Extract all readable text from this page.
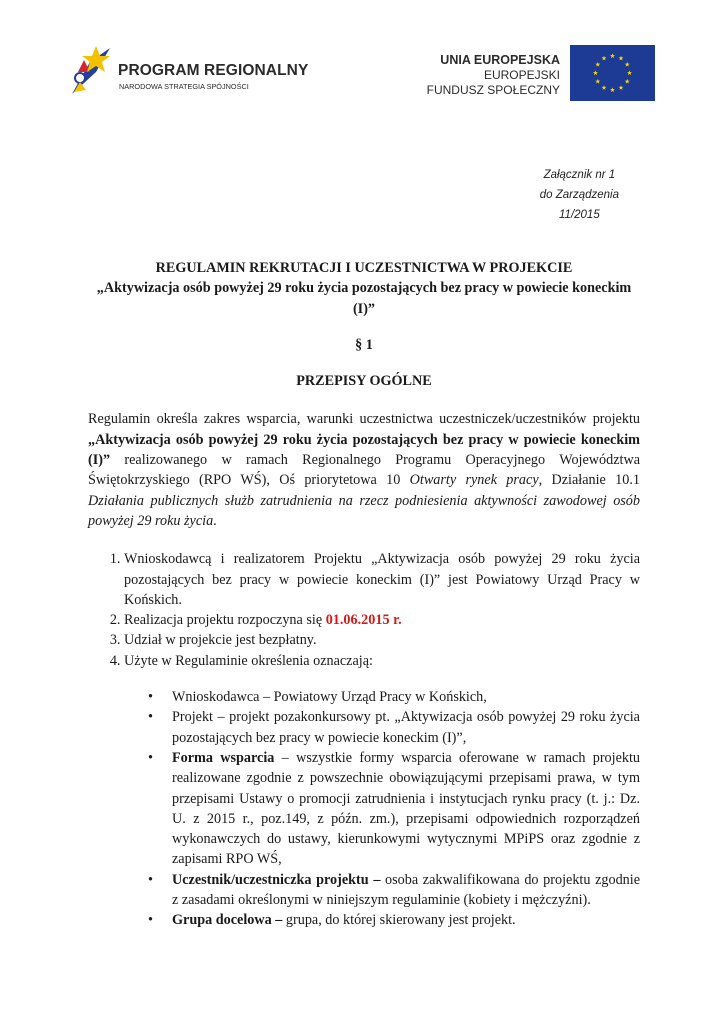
PROGRAM REGIONALNY
NARODOWA STRATEGIA SPÓJNOŚCI
UNIA EUROPEJSKA
EUROPEJSKI
FUNDUSZ SPOŁECZNY
Załącznik nr 1
do Zarządzenia
11/2015
REGULAMIN REKRUTACJI I UCZESTNICTWA W PROJEKCIE
„Aktywizacja osób powyżej 29 roku życia pozostających bez pracy w powiecie koneckim (I)”
§ 1
PRZEPISY OGÓLNE
Regulamin określa zakres wsparcia, warunki uczestnictwa uczestniczek/uczestników projektu „Aktywizacja osób powyżej 29 roku życia pozostających bez pracy w powiecie koneckim (I)” realizowanego w ramach Regionalnego Programu Operacyjnego Województwa Świętokrzyskiego (RPO WŚ), Oś priorytetowa 10 Otwarty rynek pracy, Działanie 10.1 Działania publicznych służb zatrudnienia na rzecz podniesienia aktywności zawodowej osób powyżej 29 roku życia.
1. Wnioskodawcą i realizatorem Projektu „Aktywizacja osób powyżej 29 roku życia pozostających bez pracy w powiecie koneckim (I)” jest Powiatowy Urząd Pracy w Końskich.
2. Realizacja projektu rozpoczyna się 01.06.2015 r.
3. Udział w projekcie jest bezpłatny.
4. Użyte w Regulaminie określenia oznaczają:
• Wnioskodawca – Powiatowy Urząd Pracy w Końskich,
• Projekt – projekt pozakonkursowy pt. „Aktywizacja osób powyżej 29 roku życia pozostających bez pracy w powiecie koneckim (I)”,
• Forma wsparcia – wszystkie formy wsparcia oferowane w ramach projektu realizowane zgodnie z powszechnie obowiązującymi przepisami prawa, w tym przepisami Ustawy o promocji zatrudnienia i instytucjach rynku pracy (t. j.: Dz. U. z 2015 r., poz.149, z późn. zm.), przepisami odpowiednich rozporządzeń wykonawczych do ustawy, kierunkowymi wytycznymi MPiPS oraz zgodnie z zapisami RPO WŚ,
• Uczestnik/uczestniczka projektu – osoba zakwalifikowana do projektu zgodnie z zasadami określonymi w niniejszym regulaminie (kobiety i mężczyźni).
• Grupa docelowa – grupa, do której skierowany jest projekt.
